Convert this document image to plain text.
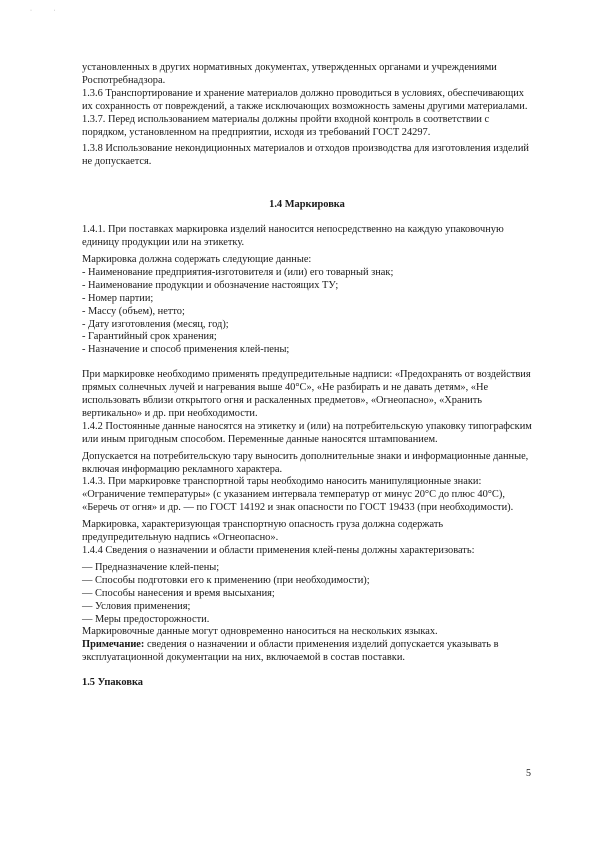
· ·

установленных в других нормативных документах, утвержденных органами и учреждениями Роспотребнадзора.

1.3.6 Транспортирование и хранение материалов должно проводиться в условиях, обеспечивающих их сохранность от повреждений, а также исключающих возможность замены другими материалами.

1.3.7. Перед использованием материалы должны пройти входной контроль в соответствии с порядком, установленном на предприятии, исходя из требований ГОСТ 24297.

1.3.8 Использование некондиционных материалов и отходов производства для изготовления изделий не допускается.

1.4 Маркировка

1.4.1. При поставках маркировка изделий наносится непосредственно на каждую упаковочную единицу продукции или на этикетку.

Маркировка должна содержать следующие данные:

- Наименование предприятия-изготовителя и (или) его товарный знак;

- Наименование продукции и обозначение настоящих ТУ;

- Номер партии;

- Массу (объем), нетто;

- Дату изготовления (месяц, год);

- Гарантийный срок хранения;

- Назначение и способ применения клей-пены;

При маркировке необходимо применять предупредительные надписи: «Предохранять от воздействия прямых солнечных лучей и нагревания выше 40°С», «Не разбирать и не давать детям», «Не использовать вблизи открытого огня и раскаленных предметов», «Огнеопасно», «Хранить вертикально» и др. при необходимости.

1.4.2 Постоянные данные наносятся на этикетку и (или) на потребительскую упаковку типографским или иным пригодным способом. Переменные данные наносятся штампованием.

Допускается на потребительскую тару выносить дополнительные знаки и информационные данные, включая информацию рекламного характера.

1.4.3. При маркировке транспортной тары необходимо наносить манипуляционные знаки: «Ограничение температуры» (с указанием интервала температур от минус 20°С до плюс 40°С), «Беречь от огня» и др. — по ГОСТ 14192 и знак опасности по ГОСТ 19433 (при необходимости).

Маркировка, характеризующая транспортную опасность груза должна содержать предупредительную надпись «Огнеопасно».

1.4.4 Сведения о назначении и области применения клей-пены должны характеризовать:

— Предназначение клей-пены;

— Способы подготовки его к применению (при необходимости);

— Способы нанесения и время высыхания;

— Условия применения;

— Меры предосторожности.

Маркировочные данные могут одновременно наноситься на нескольких языках.

Примечание: сведения о назначении и области применения изделий допускается указывать в эксплуатационной документации на них, включаемой в состав поставки.

1.5 Упаковка

5
